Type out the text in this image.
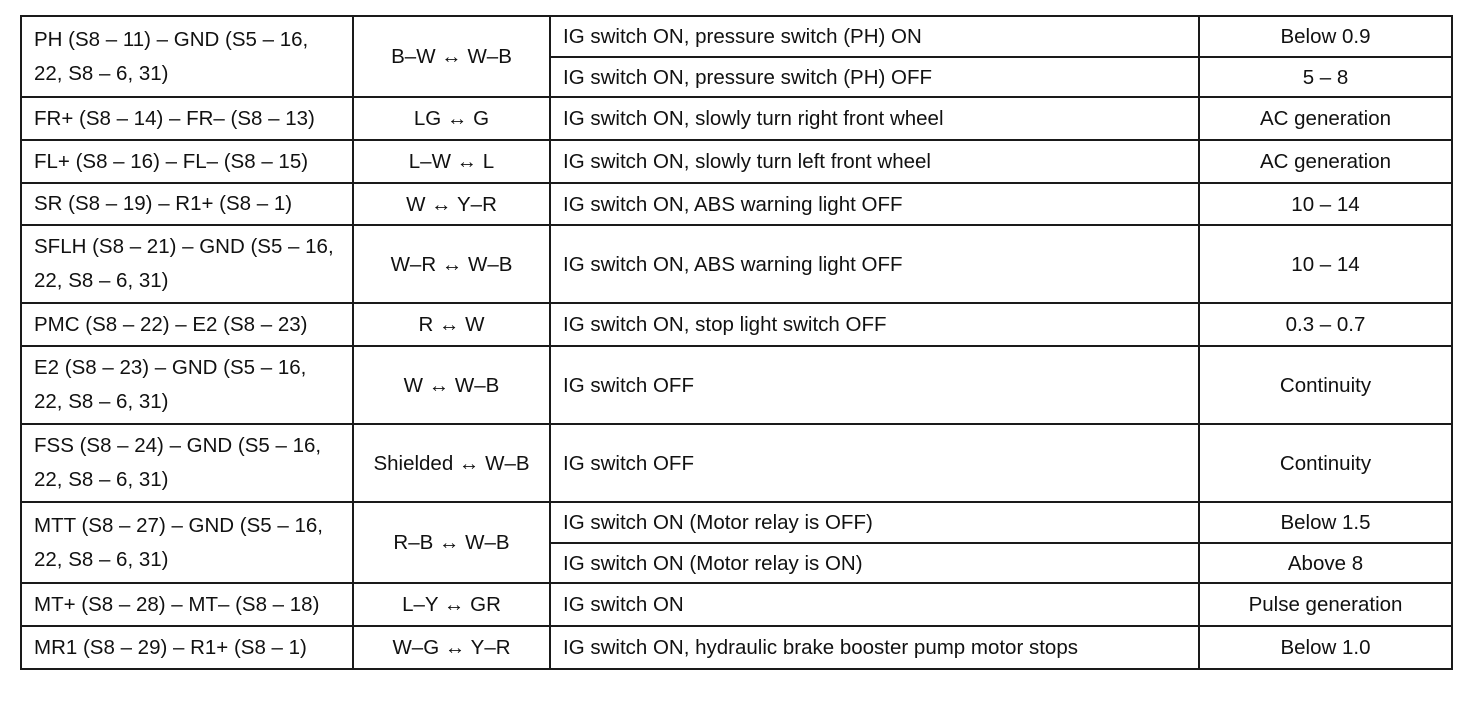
PH (S8 – 11) – GND (S5 – 16, 22, S8 – 6, 31)	B–W ↔ W–B	IG switch ON, pressure switch (PH) ON	Below 0.9
		IG switch ON, pressure switch (PH) OFF	5 – 8
FR+ (S8 – 14) – FR– (S8 – 13)	LG ↔ G	IG switch ON, slowly turn right front wheel	AC generation
FL+ (S8 – 16) – FL– (S8 – 15)	L–W ↔ L	IG switch ON, slowly turn left front wheel	AC generation
SR (S8 – 19) – R1+ (S8 – 1)	W ↔ Y–R	IG switch ON, ABS warning light OFF	10 – 14
SFLH (S8 – 21) – GND (S5 – 16, 22, S8 – 6, 31)	W–R ↔ W–B	IG switch ON, ABS warning light OFF	10 – 14
PMC (S8 – 22) – E2 (S8 – 23)	R ↔ W	IG switch ON, stop light switch OFF	0.3 – 0.7
E2 (S8 – 23) – GND (S5 – 16, 22, S8 – 6, 31)	W ↔ W–B	IG switch OFF	Continuity
FSS (S8 – 24) – GND (S5 – 16, 22, S8 – 6, 31)	Shielded ↔ W–B	IG switch OFF	Continuity
MTT (S8 – 27) – GND (S5 – 16, 22, S8 – 6, 31)	R–B ↔ W–B	IG switch ON (Motor relay is OFF)	Below 1.5
		IG switch ON (Motor relay is ON)	Above 8
MT+ (S8 – 28) – MT– (S8 – 18)	L–Y ↔ GR	IG switch ON	Pulse generation
MR1 (S8 – 29) – R1+ (S8 – 1)	W–G ↔ Y–R	IG switch ON, hydraulic brake booster pump motor stops	Below 1.0
